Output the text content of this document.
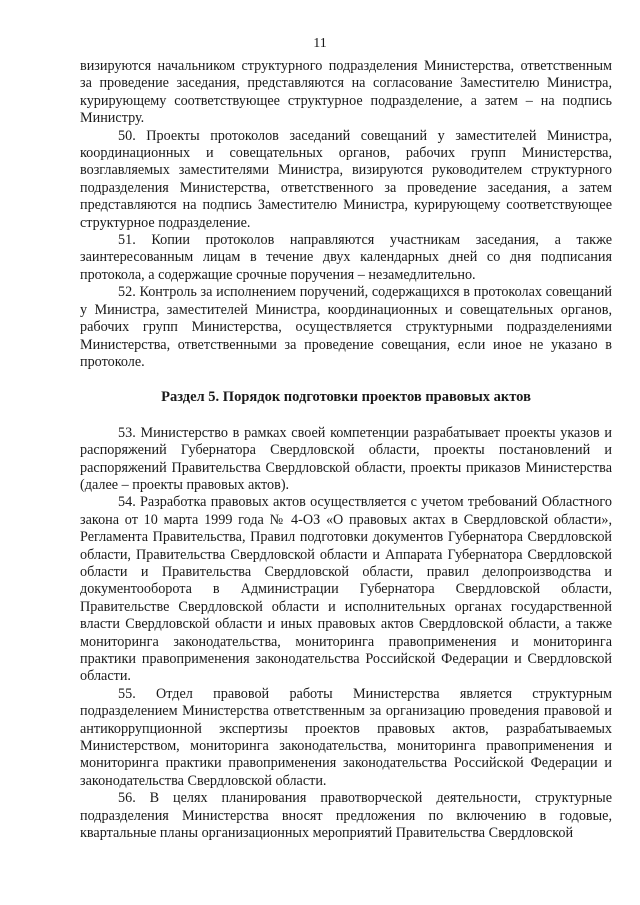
11

визируются начальником структурного подразделения Министерства, ответственным за проведение заседания, представляются на согласование Заместителю Министра, курирующему соответствующее структурное подразделение, а затем – на подпись Министру.

50. Проекты протоколов заседаний совещаний у заместителей Министра, координационных и совещательных органов, рабочих групп Министерства, возглавляемых заместителями Министра, визируются руководителем структурного подразделения Министерства, ответственного за проведение заседания, а затем представляются на подпись Заместителю Министра, курирующему соответствующее структурное подразделение.

51. Копии протоколов направляются участникам заседания, а также заинтересованным лицам в течение двух календарных дней со дня подписания протокола, а содержащие срочные поручения – незамедлительно.

52. Контроль за исполнением поручений, содержащихся в протоколах совещаний у Министра, заместителей Министра, координационных и совещательных органов, рабочих групп Министерства, осуществляется структурными подразделениями Министерства, ответственными за проведение совещания, если иное не указано в протоколе.

Раздел 5. Порядок подготовки проектов правовых актов

53. Министерство в рамках своей компетенции разрабатывает проекты указов и распоряжений Губернатора Свердловской области, проекты постановлений и распоряжений Правительства Свердловской области, проекты приказов Министерства (далее – проекты правовых актов).

54. Разработка правовых актов осуществляется с учетом требований Областного закона от 10 марта 1999 года № 4-ОЗ «О правовых актах в Свердловской области», Регламента Правительства, Правил подготовки документов Губернатора Свердловской области, Правительства Свердловской области и Аппарата Губернатора Свердловской области и Правительства Свердловской области, правил делопроизводства и документооборота в Администрации Губернатора Свердловской области, Правительстве Свердловской области и исполнительных органах государственной власти Свердловской области и иных правовых актов Свердловской области, а также мониторинга законодательства, мониторинга правоприменения и мониторинга практики правоприменения законодательства Российской Федерации и Свердловской области.

55. Отдел правовой работы Министерства является структурным подразделением Министерства ответственным за организацию проведения правовой и антикоррупционной экспертизы проектов правовых актов, разрабатываемых Министерством, мониторинга законодательства, мониторинга правоприменения и мониторинга практики правоприменения законодательства Российской Федерации и законодательства Свердловской области.

56. В целях планирования правотворческой деятельности, структурные подразделения Министерства вносят предложения по включению в годовые, квартальные планы организационных мероприятий Правительства Свердловской
